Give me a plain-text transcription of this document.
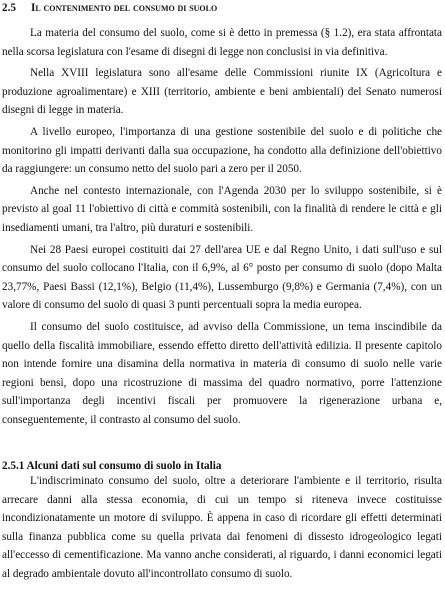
2.5 Il contenimento del consumo di suolo

La materia del consumo del suolo, come si è detto in premessa (§ 1.2), era stata affrontata nella scorsa legislatura con l'esame di disegni di legge non conclusisi in via definitiva.

Nella XVIII legislatura sono all'esame delle Commissioni riunite IX (Agricoltura e produzione agroalimentare) e XIII (territorio, ambiente e beni ambientali) del Senato numerosi disegni di legge in materia.

A livello europeo, l'importanza di una gestione sostenibile del suolo e di politiche che monitorino gli impatti derivanti dalla sua occupazione, ha condotto alla definizione dell'obiettivo da raggiungere: un consumo netto del suolo pari a zero per il 2050.

Anche nel contesto internazionale, con l'Agenda 2030 per lo sviluppo sostenibile, si è previsto al goal 11 l'obiettivo di città e commità sostenibili, con la finalità di rendere le città e gli insediamenti umani, tra l'altro, più duraturi e sostenibili.

Nei 28 Paesi europei costituiti dai 27 dell'area UE e dal Regno Unito, i dati sull'uso e sul consumo del suolo collocano l'Italia, con il 6,9%, al 6° posto per consumo di suolo (dopo Malta 23,77%, Paesi Bassi (12,1%), Belgio (11,4%), Lussemburgo (9,8%) e Germania (7,4%), con un valore di consumo del suolo di quasi 3 punti percentuali sopra la media europea.

Il consumo del suolo costituisce, ad avviso della Commissione, un tema inscindibile da quello della fiscalità immobiliare, essendo effetto diretto dell'attività edilizia. Il presente capitolo non intende fornire una disamina della normativa in materia di consumo di suolo nelle varie regioni bensì, dopo una ricostruzione di massima del quadro normativo, porre l'attenzione sull'importanza degli incentivi fiscali per promuovere la rigenerazione urbana e, conseguentemente, il contrasto al consumo del suolo.

2.5.1 Alcuni dati sul consumo di suolo in Italia

L'indiscriminato consumo del suolo, oltre a deteriorare l'ambiente e il territorio, risulta arrecare danni alla stessa economia, di cui un tempo si riteneva invece costituisse incondizionatamente un motore di sviluppo. È appena in caso di ricordare gli effetti determinati sulla finanza pubblica come su quella privata dai fenomeni di dissesto idrogeologico legati all'eccesso di cementificazione. Ma vanno anche considerati, al riguardo, i danni economici legati al degrado ambientale dovuto all'incontrollato consumo di suolo.
